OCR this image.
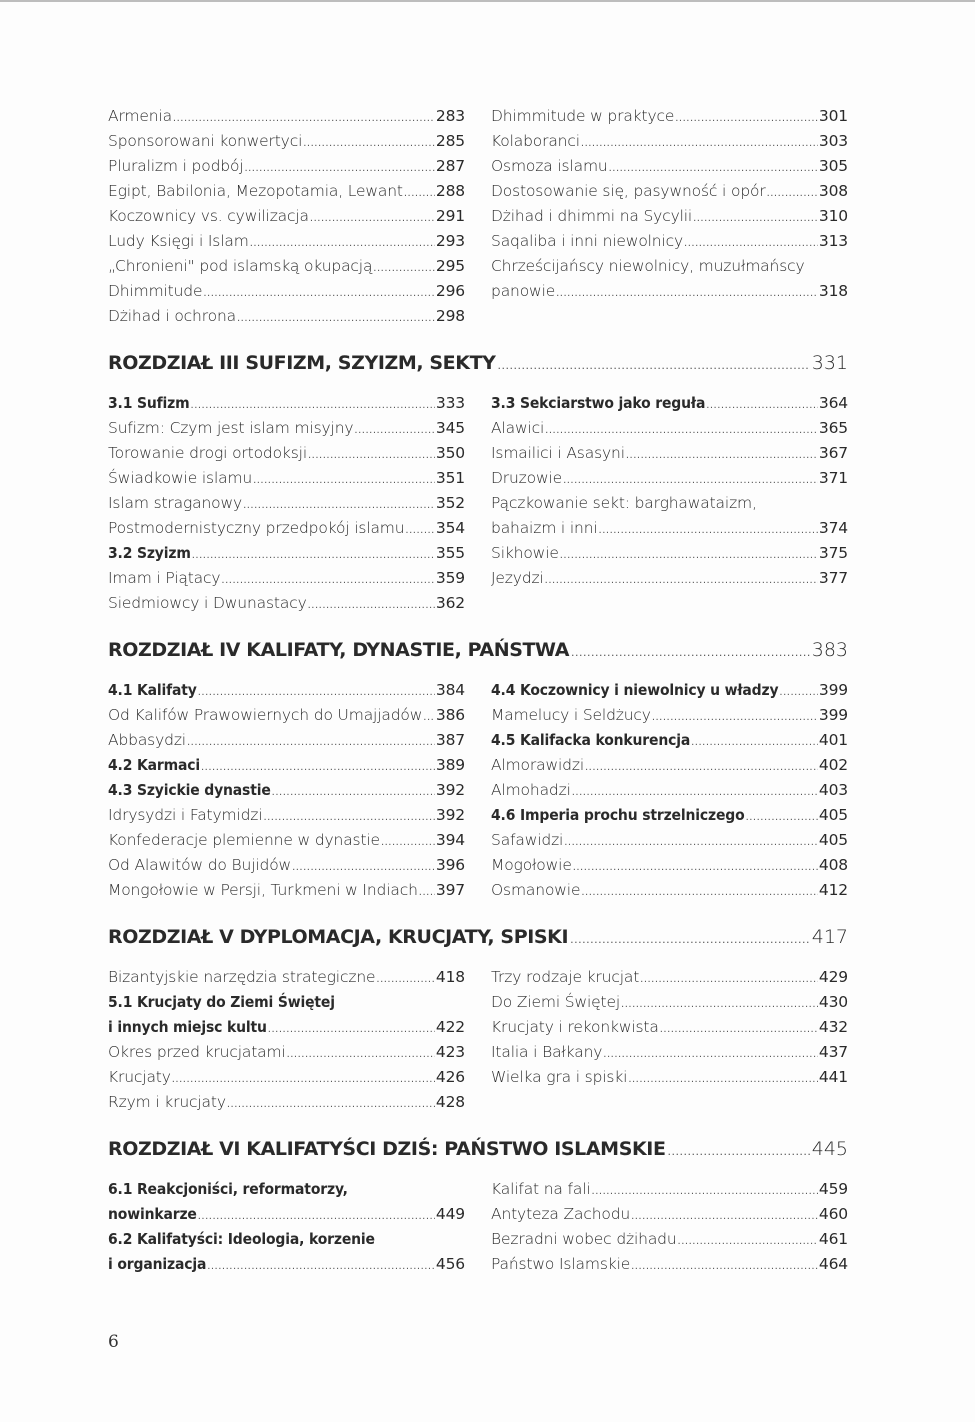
Armenia .....	283
Sponsorowani konwertyci .....	285
Pluralizm i podbój .....	287
Egipt, Babilonia, Mezopotamia, Lewant ..... 288
Koczownicy vs. cywilizacja .....	291
Ludy Księgi i Islam .....	293
„Chronieni" pod islamską okupacją .....	295
Dhimmitude .....	296
Dżihad i ochrona .....	298
Dhimmitude w praktyce .....	301
Kolaboranci .....	303
Osmoza islamu .....	305
Dostosowanie się, pasywność i opór .....	308
Dżihad i dhimmi na Sycylii .....	310
Saqaliba i inni niewolnicy .....	313
Chrześcijańscy niewolnicy, muzułmańscy
panowie .....	318
ROZDZIAŁ III SUFIZM, SZYIZM, SEKTY .....	331
3.1 Sufizm .....	333
Sufizm: Czym jest islam misyjny .....	345
Torowanie drogi ortodoksji .....	350
Świadkowie islamu .....	351
Islam straganowy .....	352
Postmodernistyczny przedpokój islamu ..... 354
3.2 Szyizm .....	355
Imam i Piątacy .....	359
Siedmiowcy i Dwunastacy .....	362
3.3 Sekciarstwo jako reguła .....	364
Alawici .....	365
Ismailici i Asasyni .....	367
Druzowie .....	371
Pączkowanie sekt: barghawataizm,
bahaizm i inni .....	374
Sikhowie .....	375
Jezydzi .....	377
ROZDZIAŁ IV KALIFATY, DYNASTIE, PAŃSTWA .....	383
4.1 Kalifaty .....	384
Od Kalifów Prawowiernych do Umajjadów ..... 386
Abbasydzi .....	387
4.2 Karmaci .....	389
4.3 Szyickie dynastie .....	392
Idrysydzi i Fatymidzi .....	392
Konfederacje plemienne w dynastie .....	394
Od Alawitów do Bujidów .....	396
Mongołowie w Persji, Turkmeni w Indiach ..... 397
4.4 Koczownicy i niewolnicy u władzy .....	399
Mamelucy i Seldżucy .....	399
4.5 Kalifacka konkurencja .....	401
Almorawidzi .....	402
Almohadzi .....	403
4.6 Imperia prochu strzelniczego .....	405
Safawidzi .....	405
Mogołowie .....	408
Osmanowie .....	412
ROZDZIAŁ V DYPLOMACJA, KRUCJATY, SPISKI .....	417
Bizantyjskie narzędzia strategiczne .....	418
5.1 Krucjaty do Ziemi Świętej
i innych miejsc kultu .....	422
Okres przed krucjatami .....	423
Krucjaty .....	426
Rzym i krucjaty .....	428
Trzy rodzaje krucjat .....	429
Do Ziemi Świętej .....	430
Krucjaty i rekonkwista .....	432
Italia i Bałkany .....	437
Wielka gra i spiski .....	441
ROZDZIAŁ VI KALIFATYŚCI DZIŚ: PAŃSTWO ISLAMSKIE .....	445
6.1 Reakcjoniści, reformatorzy,
nowinkarze .....	449
6.2 Kalifatyści: Ideologia, korzenie
i organizacja .....	456
Kalifat na fali .....	459
Antyteza Zachodu .....	460
Bezradni wobec dżihadu .....	461
Państwo Islamskie .....	464
6
